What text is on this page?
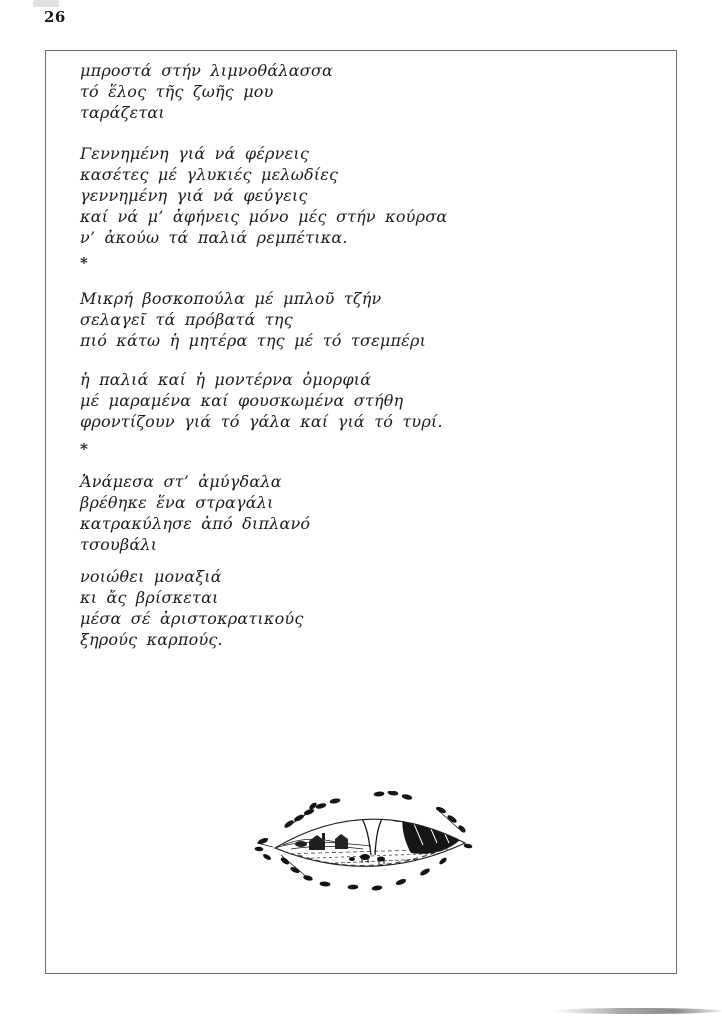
26

μπροστά στήν λιμνοθάλασσα
τό ἕλος τῆς ζωῆς μου
ταράζεται

Γεννημένη γιά νά φέρνεις
κασέτες μέ γλυκιές μελωδίες
γεννημένη γιά νά φεύγεις
καί νά μ’ ἀφήνεις μόνο μές στήν κούρσα
ν’ ἀκούω τά παλιά ρεμπέτικα.

*

Μικρή βοσκοπούλα μέ μπλοῦ τζήν
σελαγεῖ τά πρόβατά της
πιό κάτω ἡ μητέρα της μέ τό τσεμπέρι

ἡ παλιά καί ἡ μοντέρνα ὀμορφιά
μέ μαραμένα καί φουσκωμένα στήθη
φροντίζουν γιά τό γάλα καί γιά τό τυρί.

*

Ἀνάμεσα στ’ ἀμύγδαλα
βρέθηκε ἕνα στραγάλι
κατρακύλησε ἀπό διπλανό
τσουβάλι

νοιώθει μοναξιά
κι ἄς βρίσκεται
μέσα σέ ἀριστοκρατικούς
ξηρούς καρπούς.
